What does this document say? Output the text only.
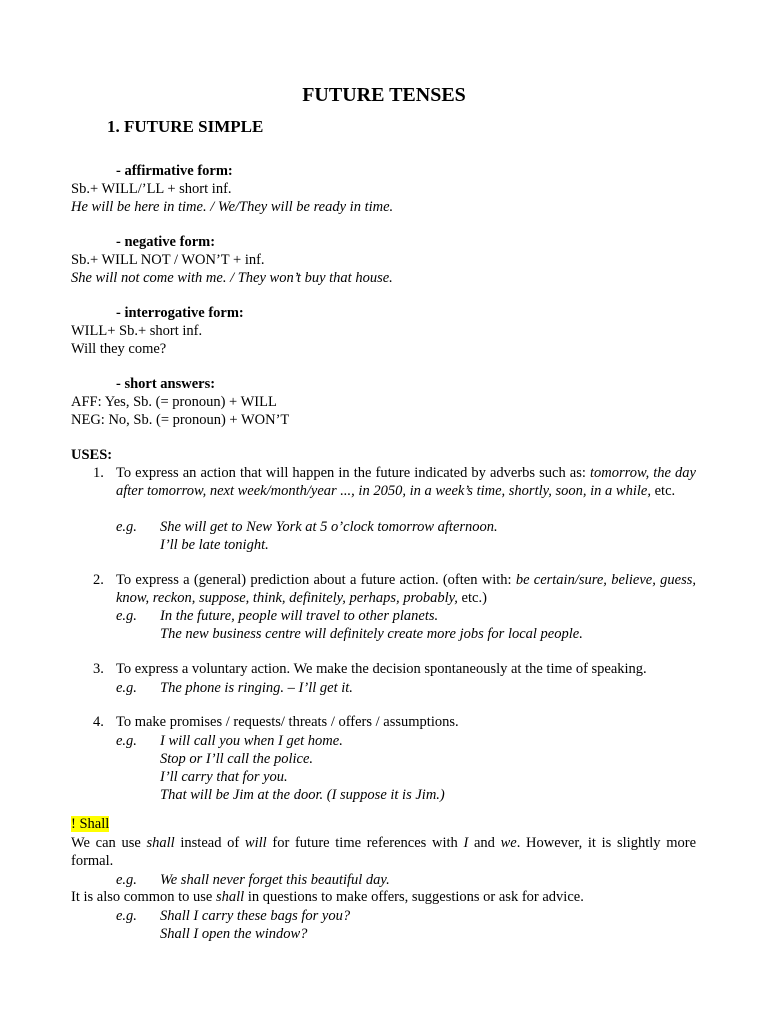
FUTURE TENSES
1. FUTURE SIMPLE
- affirmative form:
Sb.+ WILL/’LL + short inf.
He will be here in time. / We/They will be ready in time.
- negative form:
Sb.+ WILL NOT / WON’T + inf.
She will not come with me. / They won’t buy that house.
- interrogative form:
WILL+ Sb.+ short inf.
Will they come?
- short answers:
AFF: Yes, Sb. (= pronoun) + WILL
NEG: No, Sb. (= pronoun) + WON’T
USES:
1. To express an action that will happen in the future indicated by adverbs such as: tomorrow, the day after tomorrow, next week/month/year ..., in 2050, in a week’s time, shortly, soon, in a while, etc.
e.g.	She will get to New York at 5 o’clock tomorrow afternoon.
I’ll be late tonight.
2. To express a (general) prediction about a future action. (often with: be certain/sure, believe, guess, know, reckon, suppose, think, definitely, perhaps, probably, etc.)
e.g.	In the future, people will travel to other planets.
The new business centre will definitely create more jobs for local people.
3. To express a voluntary action. We make the decision spontaneously at the time of speaking.
e.g.	The phone is ringing. – I’ll get it.
4. To make promises / requests/ threats / offers / assumptions.
e.g.	I will call you when I get home.
Stop or I’ll call the police.
I’ll carry that for you.
That will be Jim at the door. (I suppose it is Jim.)
! Shall
We can use shall instead of will for future time references with I and we. However, it is slightly more formal.
e.g.	We shall never forget this beautiful day.
It is also common to use shall in questions to make offers, suggestions or ask for advice.
e.g.	Shall I carry these bags for you?
Shall I open the window?
